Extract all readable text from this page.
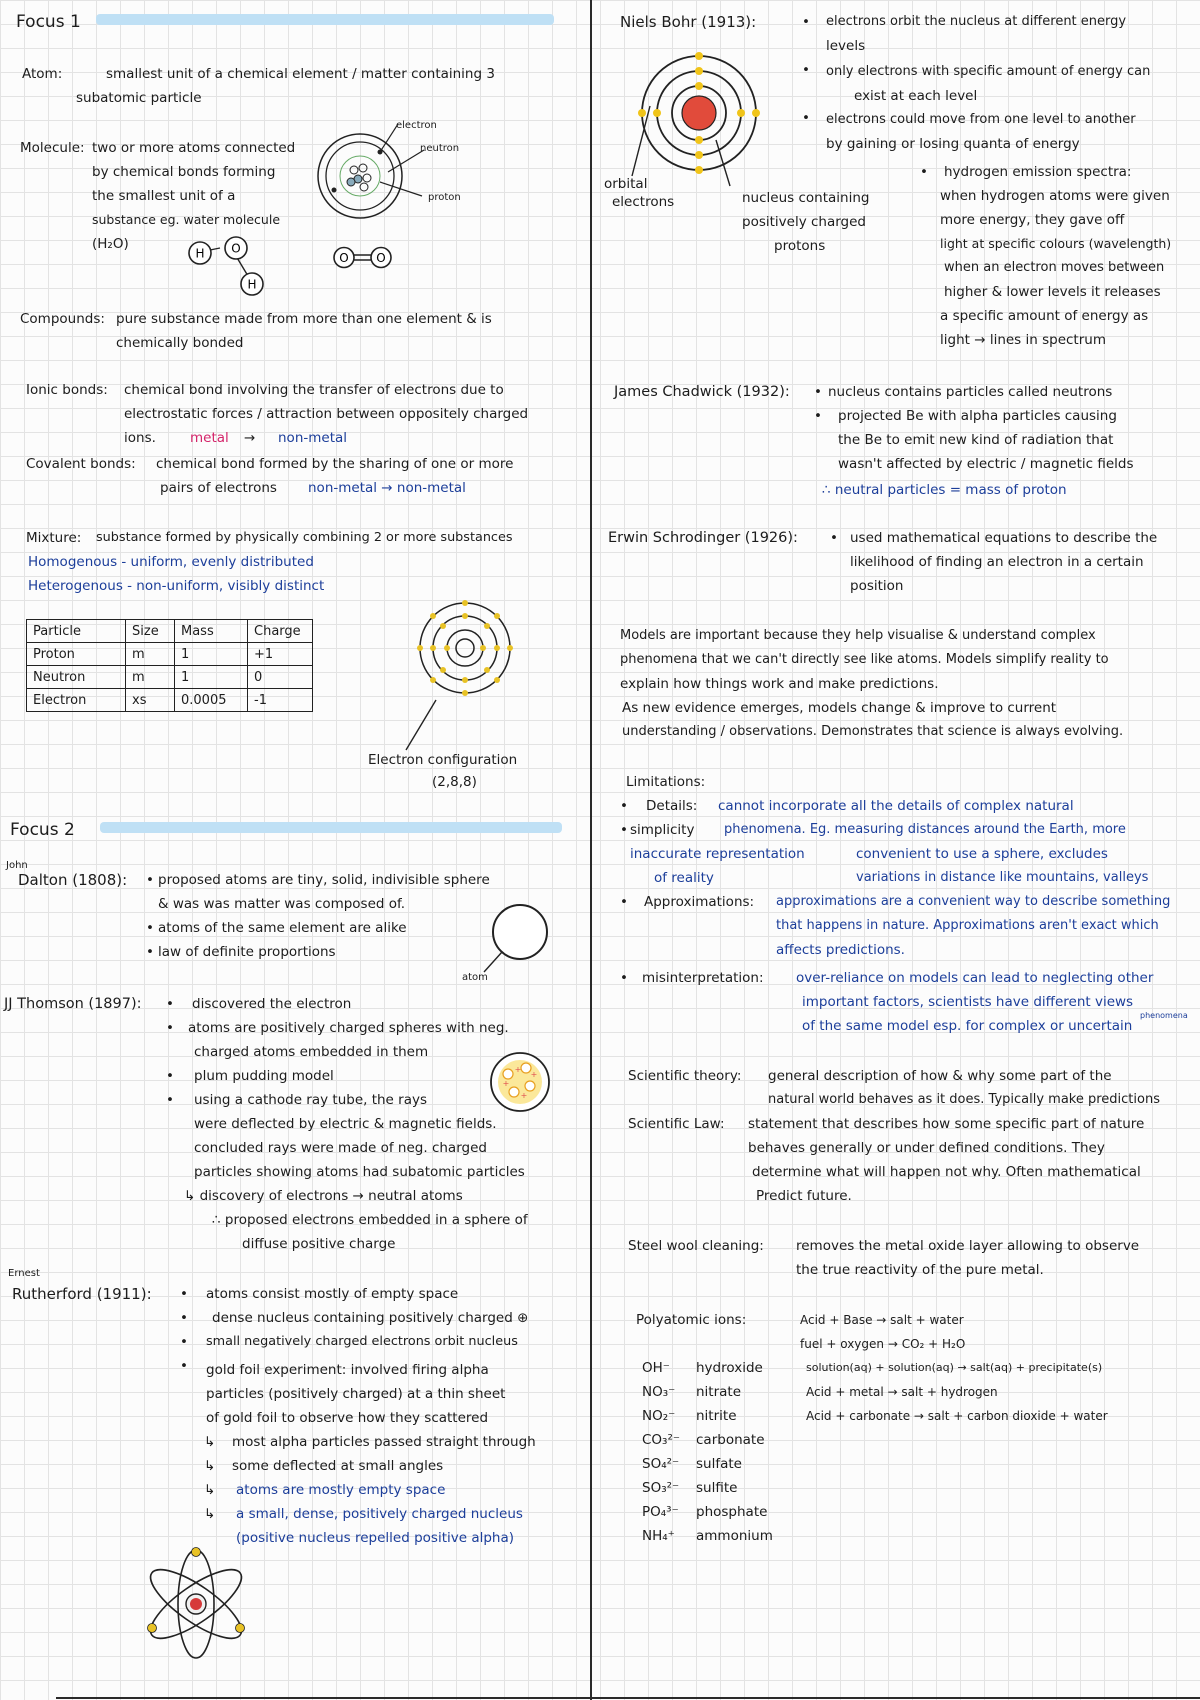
Focus 1
Atom:	smallest unit of a chemical element / matter containing 3
subatomic particle
Molecule: two or more atoms connected
by chemical bonds forming
the smallest unit of a
substance eg. water molecule
(H₂O)
electron
neutron
proton
H O
H
O O
Compounds: pure substance made from more than one element & is
chemically bonded
Ionic bonds: chemical bond involving the transfer of electrons due to
electrostatic forces / attraction between oppositely charged
ions.	metal → non-metal
Covalent bonds: chemical bond formed by the sharing of one or more
pairs of electrons non-metal → non-metal
Mixture: substance formed by physically combining 2 or more substances
Homogenous - uniform, evenly distributed
Heterogenous - non-uniform, visibly distinct
Particle	Size	Mass	Charge
Proton	m	1	+1
Neutron	m	1	0
Electron	xs	0.0005	-1
Electron configuration
(2,8,8)
Focus 2
John
Dalton (1808): proposed atoms are tiny, solid, indivisible sphere
& was was matter was composed of.
atoms of the same element are alike
law of definite proportions
•
•
•
atom
JJ Thomson (1897): • discovered the electron
• atoms are positively charged spheres with neg.
charged atoms embedded in them
• plum pudding model
• using a cathode ray tube, the rays
were deflected by electric & magnetic fields.
concluded rays were made of neg. charged
particles showing atoms had subatomic particles
↳ discovery of electrons → neutral atoms
∴ proposed electrons embedded in a sphere of
diffuse positive charge
+
+
+
+
Ernest
Rutherford (1911): • atoms consist mostly of empty space
• dense nucleus containing positively charged ⊕
• small negatively charged electrons orbit nucleus
• gold foil experiment: involved firing alpha
particles (positively charged) at a thin sheet
of gold foil to observe how they scattered
↳ most alpha particles passed straight through
↳ some deflected at small angles
↳ atoms are mostly empty space
↳ a small, dense, positively charged nucleus
(positive nucleus repelled positive alpha)
Niels Bohr (1913):	• electrons orbit the nucleus at different energy
levels
• only electrons with specific amount of energy can
exist at each level
• electrons could move from one level to another
by gaining or losing quanta of energy
• hydrogen emission spectra:
when hydrogen atoms were given
more energy, they gave off
light at specific colours (wavelength)
when an electron moves between
higher & lower levels it releases
a specific amount of energy as
light → lines in spectrum
orbital
electrons	nucleus containing
positively charged
protons
James Chadwick (1932): • nucleus contains particles called neutrons
• projected Be with alpha particles causing
the Be to emit new kind of radiation that
wasn't affected by electric / magnetic fields
∴ neutral particles = mass of proton
Erwin Schrodinger (1926): • used mathematical equations to describe the
likelihood of finding an electron in a certain
position
Models are important because they help visualise & understand complex
phenomena that we can't directly see like atoms. Models simplify reality to
explain how things work and make predictions.
As new evidence emerges, models change & improve to current
understanding / observations. Demonstrates that science is always evolving.
Limitations:
• Details: cannot incorporate all the details of complex natural
• simplicity phenomena. Eg. measuring distances around the Earth, more
inaccurate representation	convenient to use a sphere, excludes
of reality	variations in distance like mountains, valleys
• Approximations: approximations are a convenient way to describe something
that happens in nature. Approximations aren't exact which
affects predictions.
• misinterpretation: over-reliance on models can lead to neglecting other
important factors, scientists have different views
of the same model esp. for complex or uncertain
phenomena
Scientific theory: general description of how & why some part of the
natural world behaves as it does. Typically make predictions
Scientific Law: statement that describes how some specific part of nature
behaves generally or under defined conditions. They
determine what will happen not why. Often mathematical
Predict future.
Steel wool cleaning: removes the metal oxide layer allowing to observe
the true reactivity of the pure metal.
Polyatomic ions:
OH⁻ hydroxide
NO₃⁻ nitrate
NO₂⁻ nitrite
CO₃²⁻ carbonate
SO₄²⁻ sulfate
SO₃²⁻ sulfite
PO₄³⁻ phosphate
NH₄⁺ ammonium
Acid + Base → salt + water
fuel + oxygen → CO₂ + H₂O
solution(aq) + solution(aq) → salt(aq) + precipitate(s)
Acid + metal → salt + hydrogen
Acid + carbonate → salt + carbon dioxide + water
